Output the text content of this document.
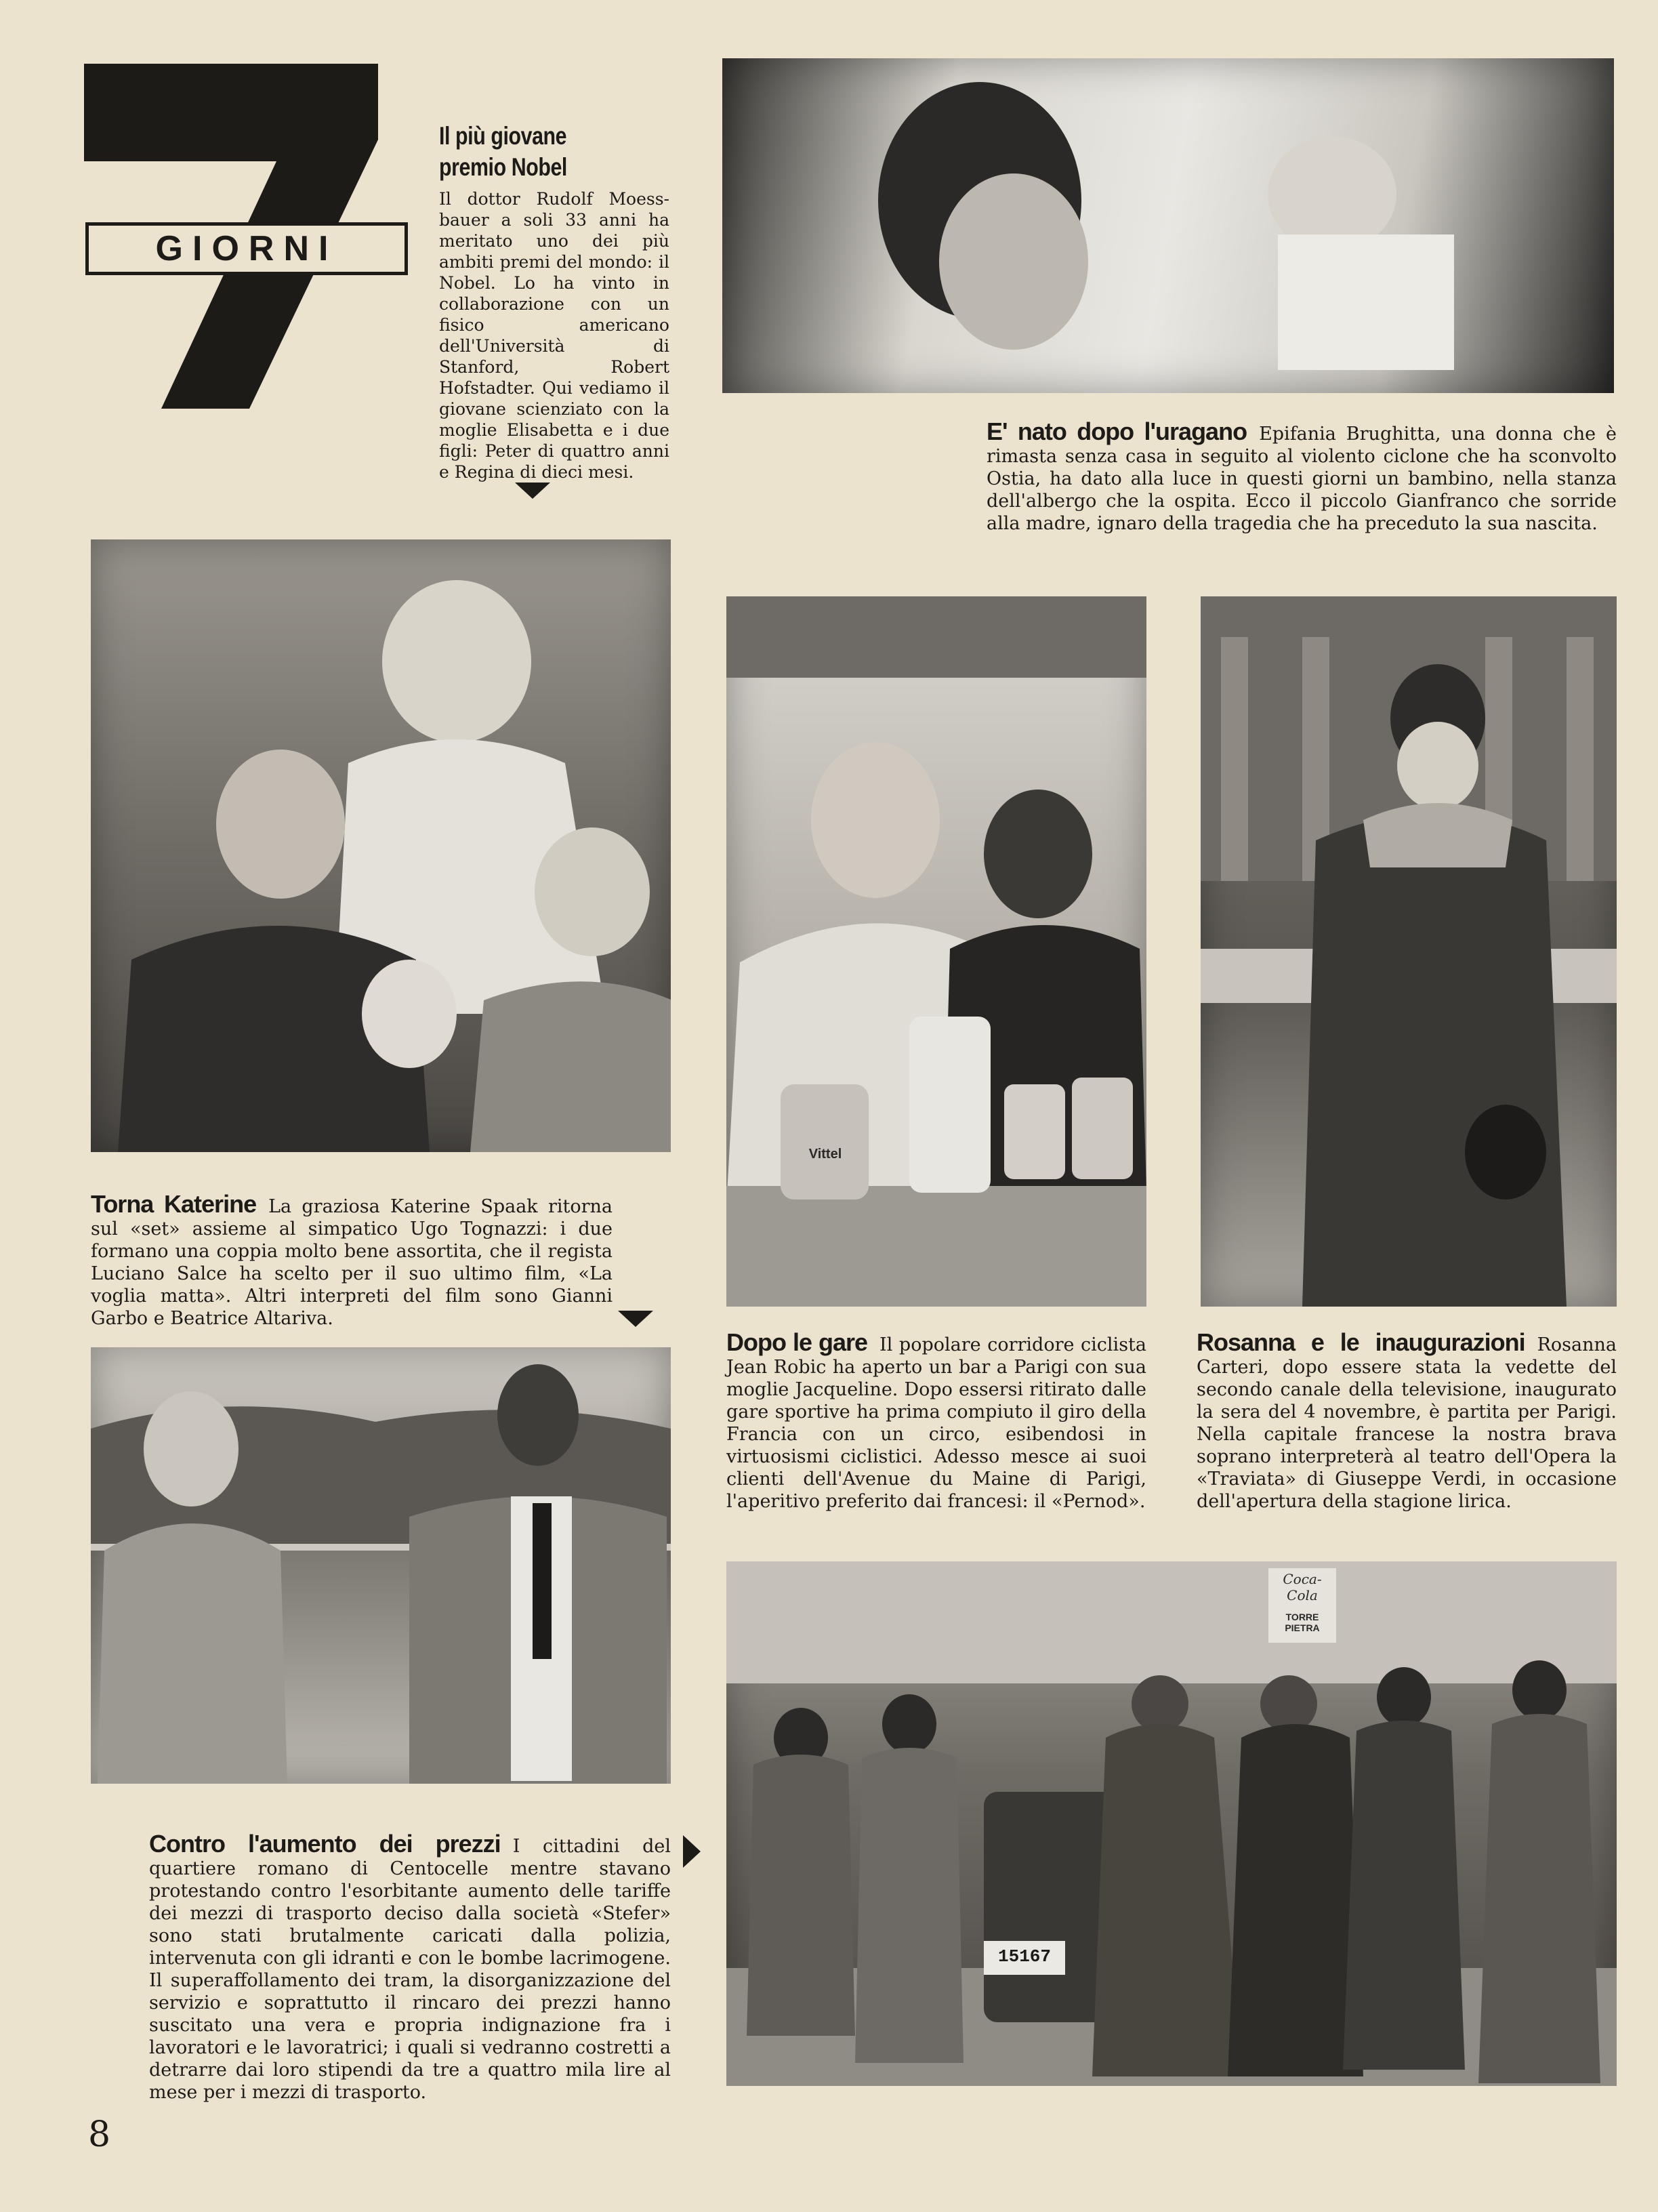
GIORNI
Il più giovane
premio Nobel
Il dottor Rudolf Moess-bauer a soli 33 anni ha meritato uno dei più ambiti premi del mondo: il Nobel. Lo ha vinto in collaborazione con un fisico americano dell'Università di Stanford, Robert Hofstadter. Qui vediamo il giovane scienziato con la moglie Elisabetta e i due figli: Peter di quattro anni e Regina di dieci mesi.
E' nato dopo l'uragano Epifania Brughitta, una donna che è rimasta senza casa in seguito al violento ciclone che ha sconvolto Ostia, ha dato alla luce in questi giorni un bambino, nella stanza dell'albergo che la ospita. Ecco il piccolo Gianfranco che sorride alla madre, ignaro della tragedia che ha preceduto la sua nascita.
Torna Katerine La graziosa Katerine Spaak ritorna sul «set» assieme al simpatico Ugo Tognazzi: i due formano una coppia molto bene assortita, che il regista Luciano Salce ha scelto per il suo ultimo film, «La voglia matta». Altri interpreti del film sono Gianni Garbo e Beatrice Altariva.
Vittel
Dopo le gare Il popolare corridore ciclista Jean Robic ha aperto un bar a Parigi con sua moglie Jacqueline. Dopo essersi ritirato dalle gare sportive ha prima compiuto il giro della Francia con un circo, esibendosi in virtuosismi ciclistici. Adesso mesce ai suoi clienti dell'Avenue du Maine di Parigi, l'aperitivo preferito dai francesi: il «Pernod».
Rosanna e le inaugurazioni Rosanna Carteri, dopo essere stata la vedette del secondo canale della televisione, inaugurato la sera del 4 novembre, è partita per Parigi. Nella capitale francese la nostra brava soprano interpreterà al teatro dell'Opera la «Traviata» di Giuseppe Verdi, in occasione dell'apertura della stagione lirica.
Contro l'aumento dei prezzi I cittadini del quartiere romano di Centocelle mentre stavano protestando contro l'esorbitante aumento delle tariffe dei mezzi di trasporto deciso dalla società «Stefer» sono stati brutalmente caricati dalla polizia, intervenuta con gli idranti e con le bombe lacrimogene. Il superaffollamento dei tram, la disorganizzazione del servizio e soprattutto il rincaro dei prezzi hanno suscitato una vera e propria indignazione fra i lavoratori e le lavoratrici; i quali si vedranno costretti a detrarre dai loro stipendi da tre a quattro mila lire al mese per i mezzi di trasporto.
Coca-Cola
TORRE PIETRA
15167
8
